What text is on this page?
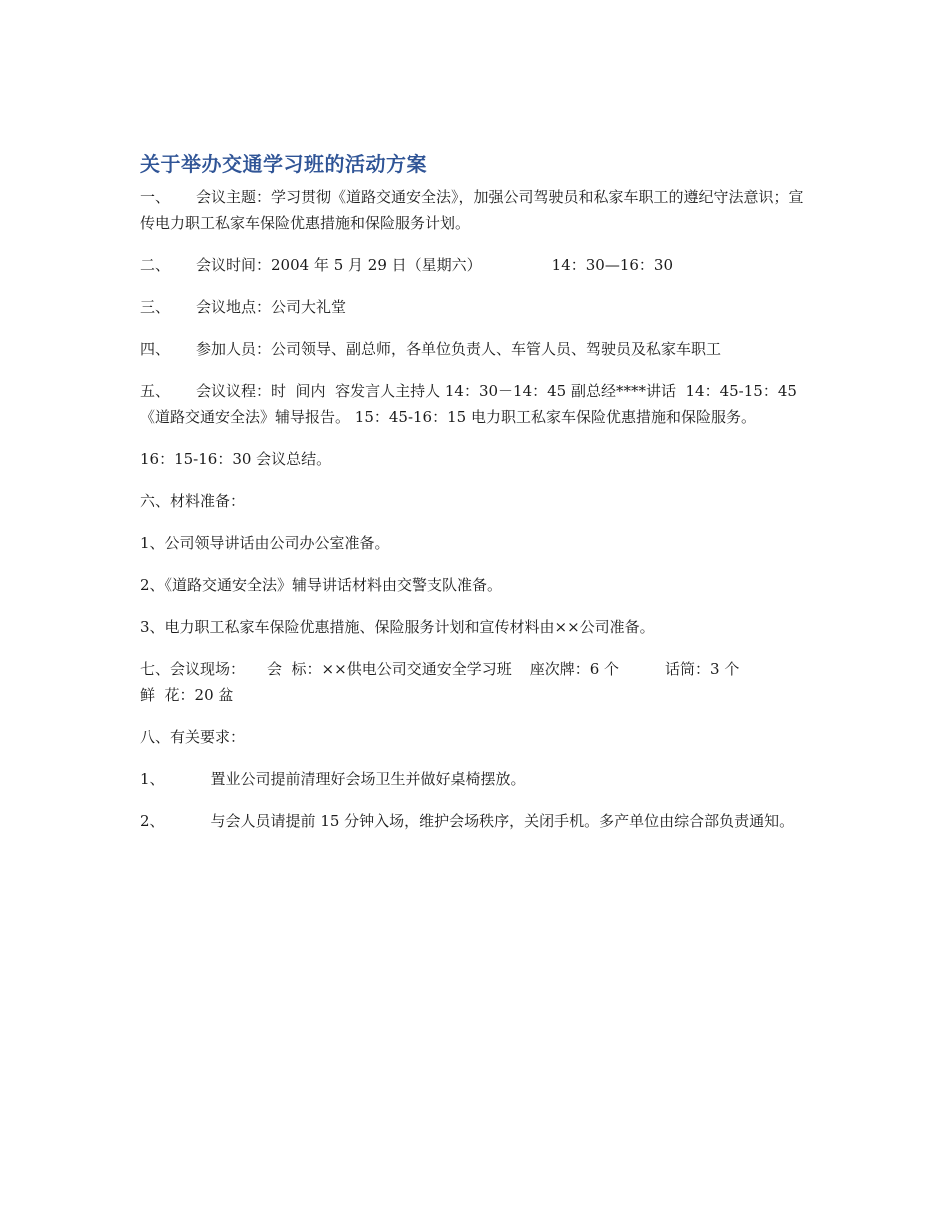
关于举办交通学习班的活动方案
一、 会议主题：学习贯彻《道路交通安全法》，加强公司驾驶员和私家车职工的遵纪守法意识；宣传电力职工私家车保险优惠措施和保险服务计划。
二、 会议时间：2004 年 5 月 29 日（星期六）	14：30—16：30
三、 会议地点：公司大礼堂
四、 参加人员：公司领导、副总师，各单位负责人、车管人员、驾驶员及私家车职工
五、 会议议程：时  间内  容发言人主持人 14：30－14：45 副总经****讲话  14：45-15：45《道路交通安全法》辅导报告。 15：45-16：15 电力职工私家车保险优惠措施和保险服务。
16：15-16：30 会议总结。
六、材料准备：
1、公司领导讲话由公司办公室准备。
2、《道路交通安全法》辅导讲话材料由交警支队准备。
3、电力职工私家车保险优惠措施、保险服务计划和宣传材料由××公司准备。
七、会议现场： 会  标：××供电公司交通安全学习班 座次牌：6 个	话筒：3 个
鲜  花：20 盆
八、有关要求：
1、	置业公司提前清理好会场卫生并做好桌椅摆放。
2、	与会人员请提前 15 分钟入场，维护会场秩序，关闭手机。多产单位由综合部负责通知。
